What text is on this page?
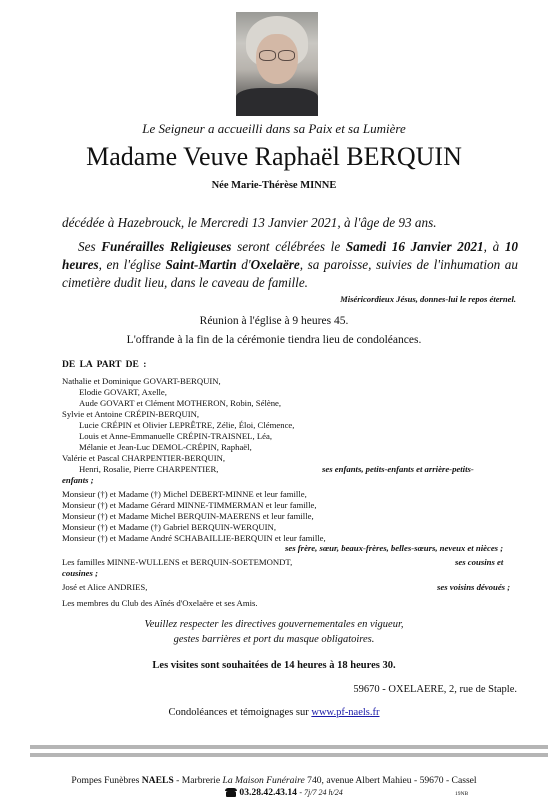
Le Seigneur a accueilli dans sa Paix et sa Lumière
Madame Veuve Raphaël BERQUIN
Née Marie-Thérèse MINNE
décédée à Hazebrouck, le Mercredi 13 Janvier 2021, à l'âge de 93 ans.
Ses Funérailles Religieuses seront célébrées le Samedi 16 Janvier 2021, à 10 heures, en l'église Saint-Martin d'Oxelaëre, sa paroisse, suivies de l'inhumation au cimetière dudit lieu, dans le caveau de famille.
Miséricordieux Jésus, donnes-lui le repos éternel.
Réunion à l'église à 9 heures 45.
L'offrande à la fin de la cérémonie tiendra lieu de condoléances.
DE LA PART DE :
Nathalie et Dominique GOVART-BERQUIN,
Elodie GOVART, Axelle,
Aude GOVART et Clément MOTHERON, Robin, Sélène,
Sylvie et Antoine CRÉPIN-BERQUIN,
Lucie CRÉPIN et Olivier LEPRÊTRE, Zélie, Éloi, Clémence,
Louis et Anne-Emmanuelle CRÉPIN-TRAISNEL, Léa,
Mélanie et Jean-Luc DEMOL-CRÉPIN, Raphaël,
Valérie et Pascal CHARPENTIER-BERQUIN,
Henri, Rosalie, Pierre CHARPENTIER,	ses enfants, petits-enfants et arrière-petits-
enfants ;
Monsieur (†) et Madame (†) Michel DEBERT-MINNE et leur famille,
Monsieur (†) et Madame Gérard MINNE-TIMMERMAN et leur famille,
Monsieur (†) et Madame Michel BERQUIN-MAERENS et leur famille,
Monsieur (†) et Madame (†) Gabriel BERQUIN-WERQUIN,
Monsieur (†) et Madame André SCHABAILLIE-BERQUIN et leur famille,
ses frère, sœur, beaux-frères, belles-sœurs, neveux et nièces ;
Les familles MINNE-WULLENS et BERQUIN-SOETEMONDT,	ses cousins et
cousines ;
José et Alice ANDRIES,	ses voisins dévoués ;
Les membres du Club des Aînés d'Oxelaëre et ses Amis.
Veuillez respecter les directives gouvernementales en vigueur,
gestes barrières et port du masque obligatoires.
Les visites sont souhaitées de 14 heures à 18 heures 30.
59670 - OXELAERE, 2, rue de Staple.
Condoléances et témoignages sur www.pf-naels.fr
Pompes Funèbres NAELS - Marbrerie La Maison Funéraire 740, avenue Albert Mahieu - 59670 - Cassel
03.28.42.43.14 - 7j/7 24 h/24	19NB
